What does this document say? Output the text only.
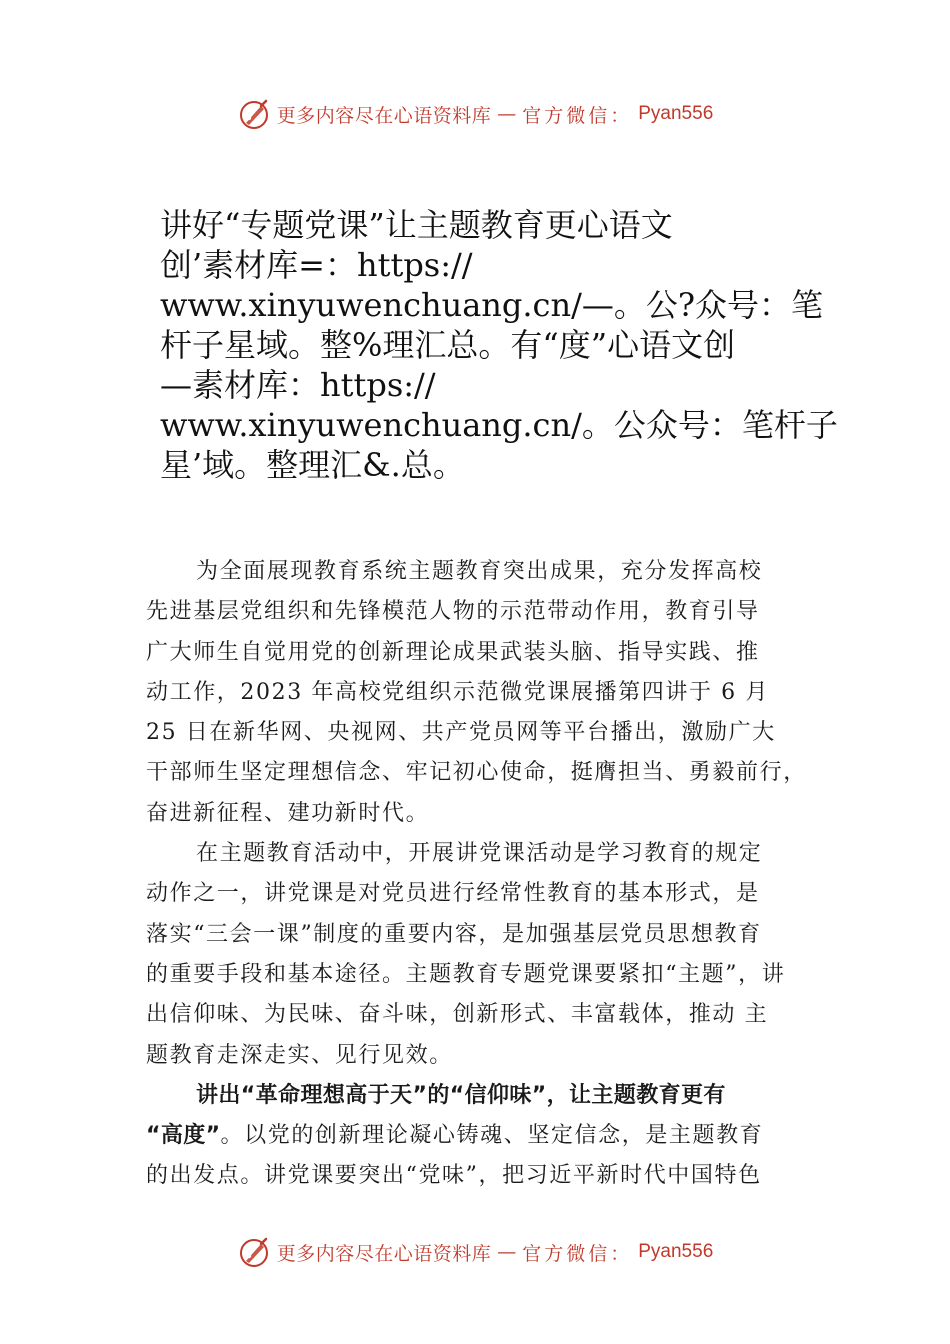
更多内容尽在心语资料库 — 官方微信： Pyan556
讲好“专题党课”让主题教育更心语文
创’素材库=：https://
www.xinyuwenchuang.cn/—。公?众号：笔
杆子星域。整%理汇总。有“度”心语文创
—素材库：https://
www.xinyuwenchuang.cn/。公众号：笔杆子
星’域。整理汇&.总。
为全面展现教育系统主题教育突出成果，充分发挥高校
先进基层党组织和先锋模范人物的示范带动作用，教育引导
广大师生自觉用党的创新理论成果武装头脑、指导实践、推
动工作，2023 年高校党组织示范微党课展播第四讲于 6 月
25 日在新华网、央视网、共产党员网等平台播出，激励广大
干部师生坚定理想信念、牢记初心使命，挺膺担当、勇毅前行，
奋进新征程、建功新时代。
在主题教育活动中，开展讲党课活动是学习教育的规定
动作之一，讲党课是对党员进行经常性教育的基本形式，是
落实“三会一课”制度的重要内容，是加强基层党员思想教育
的重要手段和基本途径。主题教育专题党课要紧扣“主题”，讲
出信仰味、为民味、奋斗味，创新形式、丰富载体，推动 主
题教育走深走实、见行见效。
讲出“革命理想高于天”的“信仰味”，让主题教育更有
“高度”。以党的创新理论凝心铸魂、坚定信念，是主题教育
的出发点。讲党课要突出“党味”，把习近平新时代中国特色
更多内容尽在心语资料库 — 官方微信： Pyan556
